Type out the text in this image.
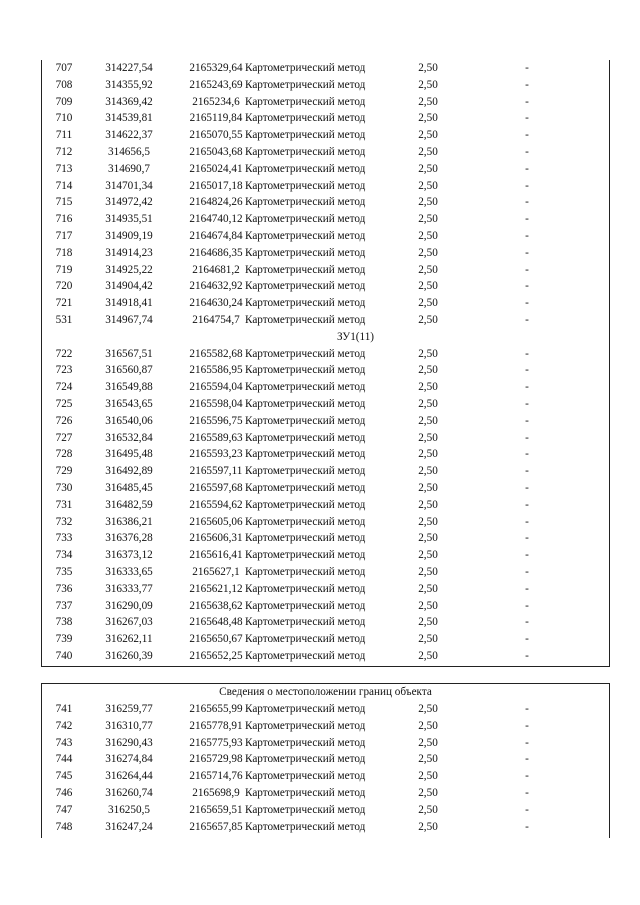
707	314227,54	2165329,64 Картометрический метод	2,50	-
708	314355,92	2165243,69 Картометрический метод	2,50	-
709	314369,42	2165234,6 Картометрический метод	2,50	-
710	314539,81	2165119,84 Картометрический метод	2,50	-
711	314622,37	2165070,55 Картометрический метод	2,50	-
712	314656,5	2165043,68 Картометрический метод	2,50	-
713	314690,7	2165024,41 Картометрический метод	2,50	-
714	314701,34	2165017,18 Картометрический метод	2,50	-
715	314972,42	2164824,26 Картометрический метод	2,50	-
716	314935,51	2164740,12 Картометрический метод	2,50	-
717	314909,19	2164674,84 Картометрический метод	2,50	-
718	314914,23	2164686,35 Картометрический метод	2,50	-
719	314925,22	2164681,2 Картометрический метод	2,50	-
720	314904,42	2164632,92 Картометрический метод	2,50	-
721	314918,41	2164630,24 Картометрический метод	2,50	-
531	314967,74	2164754,7 Картометрический метод	2,50	-
ЗУ1(11)
722	316567,51	2165582,68 Картометрический метод	2,50	-
723	316560,87	2165586,95 Картометрический метод	2,50	-
724	316549,88	2165594,04 Картометрический метод	2,50	-
725	316543,65	2165598,04 Картометрический метод	2,50	-
726	316540,06	2165596,75 Картометрический метод	2,50	-
727	316532,84	2165589,63 Картометрический метод	2,50	-
728	316495,48	2165593,23 Картометрический метод	2,50	-
729	316492,89	2165597,11 Картометрический метод	2,50	-
730	316485,45	2165597,68 Картометрический метод	2,50	-
731	316482,59	2165594,62 Картометрический метод	2,50	-
732	316386,21	2165605,06 Картометрический метод	2,50	-
733	316376,28	2165606,31 Картометрический метод	2,50	-
734	316373,12	2165616,41 Картометрический метод	2,50	-
735	316333,65	2165627,1 Картометрический метод	2,50	-
736	316333,77	2165621,12 Картометрический метод	2,50	-
737	316290,09	2165638,62 Картометрический метод	2,50	-
738	316267,03	2165648,48 Картометрический метод	2,50	-
739	316262,11	2165650,67 Картометрический метод	2,50	-
740	316260,39	2165652,25 Картометрический метод	2,50	-
Сведения о местоположении границ объекта
741	316259,77	2165655,99 Картометрический метод	2,50	-
742	316310,77	2165778,91 Картометрический метод	2,50	-
743	316290,43	2165775,93 Картометрический метод	2,50	-
744	316274,84	2165729,98 Картометрический метод	2,50	-
745	316264,44	2165714,76 Картометрический метод	2,50	-
746	316260,74	2165698,9 Картометрический метод	2,50	-
747	316250,5	2165659,51 Картометрический метод	2,50	-
748	316247,24	2165657,85 Картометрический метод	2,50	-
